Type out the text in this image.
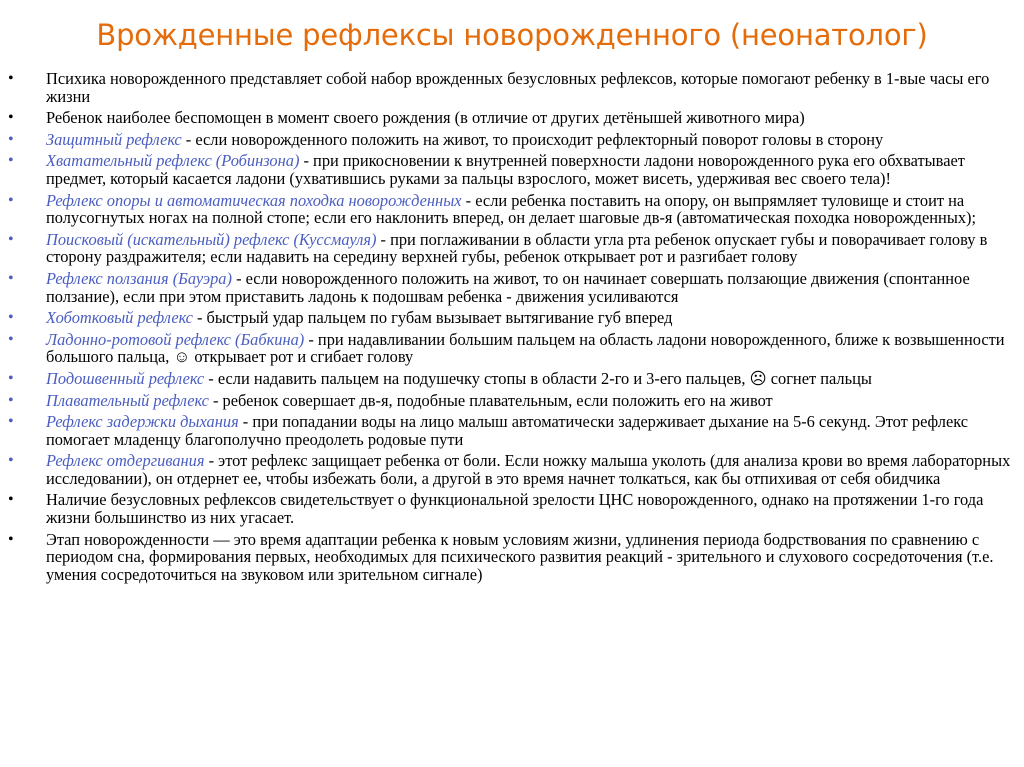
Врожденные рефлексы новорожденного (неонатолог)
• Психика новорожденного представляет собой набор врожденных безусловных рефлексов, которые помогают ребенку в 1-вые часы его жизни
• Ребенок наиболее беспомощен в момент своего рождения (в отличие от других детёнышей животного мира)
• Защитный рефлекс - если новорожденного положить на живот, то происходит рефлекторный поворот головы в сторону
• Хватательный рефлекс (Робинзона) - при прикосновении к внутренней поверхности ладони новорожденного рука его обхватывает предмет, который касается ладони (ухватившись руками за пальцы взрослого, может висеть, удерживая вес своего тела)!
• Рефлекс опоры и автоматическая походка новорожденных - если ребенка поставить на опору, он выпрямляет туловище и стоит на полусогнутых ногах на полной стопе; если его наклонить вперед, он делает шаговые дв-я (автоматическая походка новорожденных);
• Поисковый (искательный) рефлекс (Куссмауля) - при поглаживании в области угла рта ребенок опускает губы и поворачивает голову в сторону раздражителя; если надавить на середину верхней губы, ребенок открывает рот и разгибает голову
• Рефлекс ползания (Бауэра) - если новорожденного положить на живот, то он начинает совершать ползающие движения (спонтанное ползание), если при этом приставить ладонь к подошвам ребенка - движения усиливаются
• Хоботковый рефлекс - быстрый удар пальцем по губам вызывает вытягивание губ вперед
• Ладонно-ротовой рефлекс (Бабкина) - при надавливании большим пальцем на область ладони новорожденного, ближе к возвышенности большого пальца, ☺ открывает рот и сгибает голову
• Подошвенный рефлекс - если надавить пальцем на подушечку стопы в области 2-го и 3-его пальцев, ☹ согнет пальцы
• Плавательный рефлекс - ребенок совершает дв-я, подобные плавательным, если положить его на живот
• Рефлекс задержки дыхания - при попадании воды на лицо малыш автоматически задерживает дыхание на 5-6 секунд. Этот рефлекс помогает младенцу благополучно преодолеть родовые пути
• Рефлекс отдергивания - этот рефлекс защищает ребенка от боли. Если ножку малыша уколоть (для анализа крови во время лабораторных исследовании), он отдернет ее, чтобы избежать боли, а другой в это время начнет толкаться, как бы отпихивая от себя обидчика
• Наличие безусловных рефлексов свидетельствует о функциональной зрелости ЦНС новорожденного, однако на протяжении 1-го года жизни большинство из них угасает.
• Этап новорожденности — это время адаптации ребенка к новым условиям жизни, удлинения периода бодрствования по сравнению с периодом сна, формирования первых, необходимых для психического развития реакций - зрительного и слухового сосредоточения (т.е. умения сосредоточиться на звуковом или зрительном сигнале)
